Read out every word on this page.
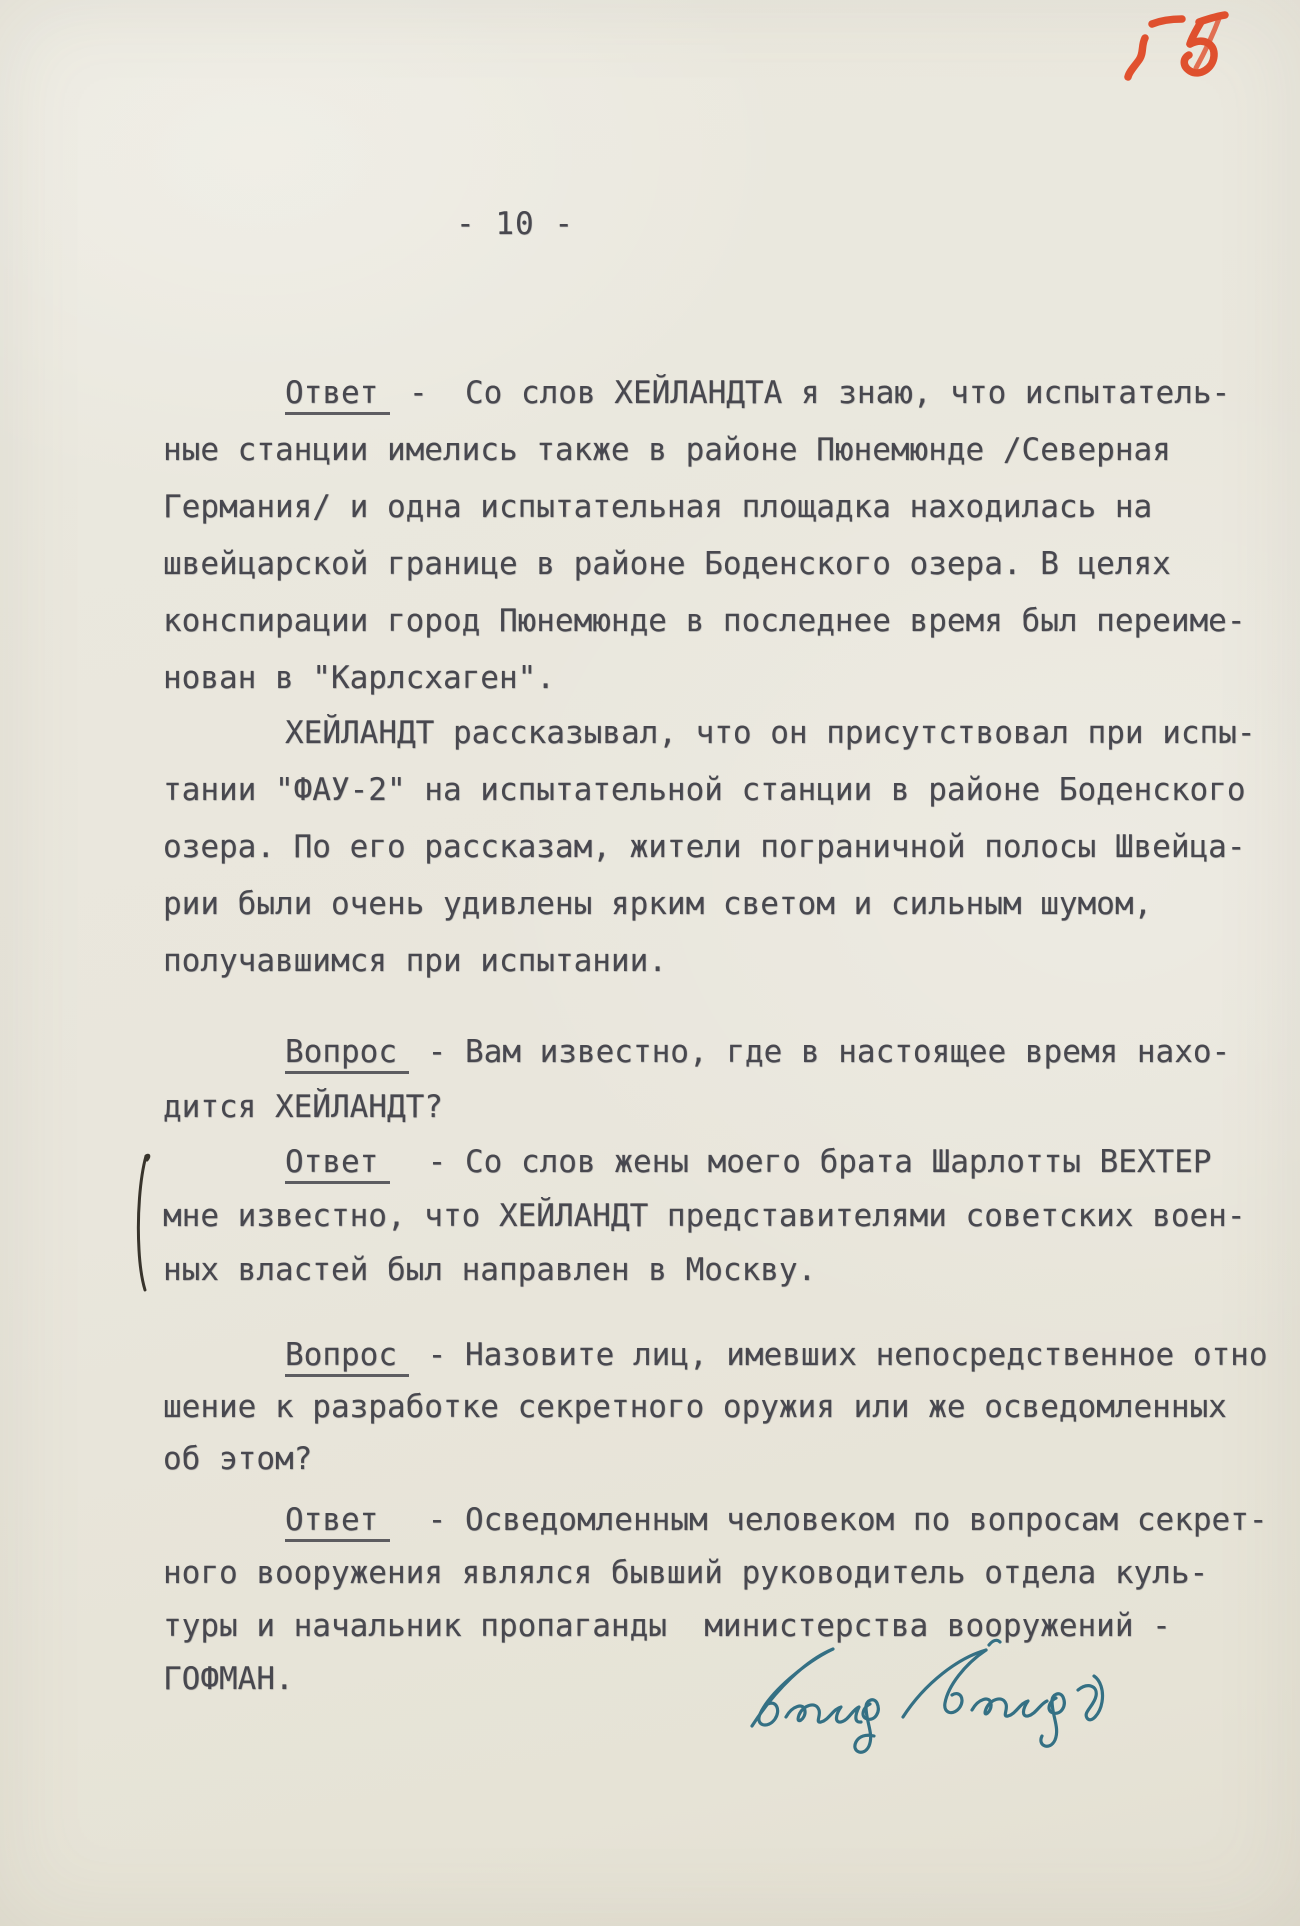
- 10 -
Ответ -  Со слов ХЕЙЛАНДТА я знаю, что испытатель-
ные станции имелись также в районе Пюнемюнде /Северная
Германия/ и одна испытательная площадка находилась на
швейцарской границе в районе Боденского озера. В целях
конспирации город Пюнемюнде в последнее время был переиме-
нован в "Карлсхаген".
ХЕЙЛАНДТ рассказывал, что он присутствовал при испы-
тании "ФАУ-2" на испытательной станции в районе Боденского
озера. По его рассказам, жители пограничной полосы Швейца-
рии были очень удивлены ярким светом и сильным шумом,
получавшимся при испытании.
Вопрос - Вам известно, где в настоящее время нахо-
дится ХЕЙЛАНДТ?
Ответ  - Со слов жены моего брата Шарлотты ВЕХТЕР
мне известно, что ХЕЙЛАНДТ представителями советских воен-
ных властей был направлен в Москву.
Вопрос - Назовите лиц, имевших непосредственное отно
шение к разработке секретного оружия или же осведомленных
об этом?
Ответ  - Осведомленным человеком по вопросам секрет-
ного вооружения являлся бывший руководитель отдела куль-
туры и начальник пропаганды  министерства вооружений -
ГОФМАН.
